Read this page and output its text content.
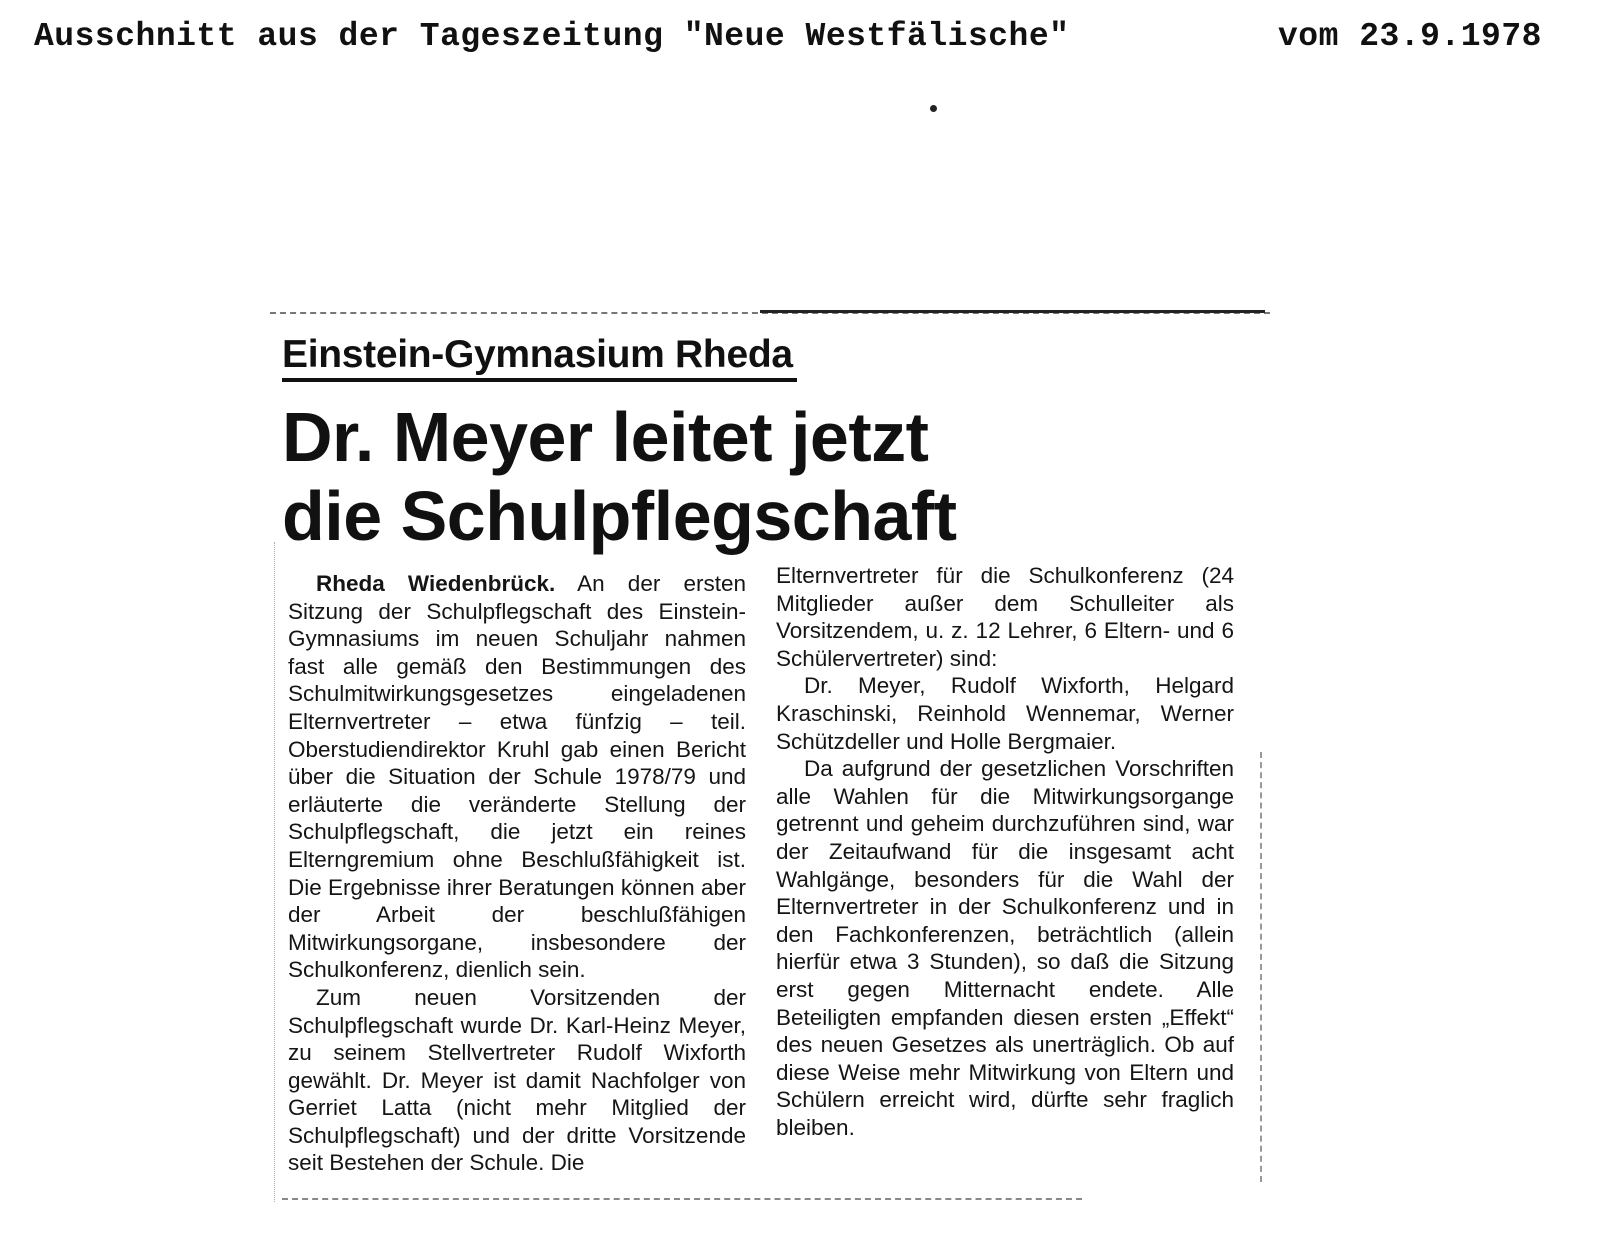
Ausschnitt aus der Tageszeitung "Neue Westfälische"	vom 23.9.1978
Einstein-Gymnasium Rheda
Dr. Meyer leitet jetzt
die Schulpflegschaft

Rheda Wiedenbrück. An der ersten Sitzung der Schulpflegschaft des Einstein-Gymnasiums im neuen Schuljahr nahmen fast alle gemäß den Bestimmungen des Schulmitwirkungsgesetzes eingeladenen Elternvertreter – etwa fünfzig – teil. Oberstudiendirektor Kruhl gab einen Bericht über die Situation der Schule 1978/79 und erläuterte die veränderte Stellung der Schulpflegschaft, die jetzt ein reines Elterngremium ohne Beschlußfähigkeit ist. Die Ergebnisse ihrer Beratungen können aber der Arbeit der beschlußfähigen Mitwirkungsorgane, insbesondere der Schulkonferenz, dienlich sein.

Zum neuen Vorsitzenden der Schulpflegschaft wurde Dr. Karl-Heinz Meyer, zu seinem Stellvertreter Rudolf Wixforth gewählt. Dr. Meyer ist damit Nachfolger von Gerriet Latta (nicht mehr Mitglied der Schulpflegschaft) und der dritte Vorsitzende seit Bestehen der Schule. Die

Elternvertreter für die Schulkonferenz (24 Mitglieder außer dem Schulleiter als Vorsitzendem, u. z. 12 Lehrer, 6 Eltern- und 6 Schülervertreter) sind:

Dr. Meyer, Rudolf Wixforth, Helgard Kraschinski, Reinhold Wennemar, Werner Schützdeller und Holle Bergmaier.

Da aufgrund der gesetzlichen Vorschriften alle Wahlen für die Mitwirkungsorgange getrennt und geheim durchzuführen sind, war der Zeitaufwand für die insgesamt acht Wahlgänge, besonders für die Wahl der Elternvertreter in der Schulkonferenz und in den Fachkonferenzen, beträchtlich (allein hierfür etwa 3 Stunden), so daß die Sitzung erst gegen Mitternacht endete. Alle Beteiligten empfanden diesen ersten „Effekt“ des neuen Gesetzes als unerträglich. Ob auf diese Weise mehr Mitwirkung von Eltern und Schülern erreicht wird, dürfte sehr fraglich bleiben.
